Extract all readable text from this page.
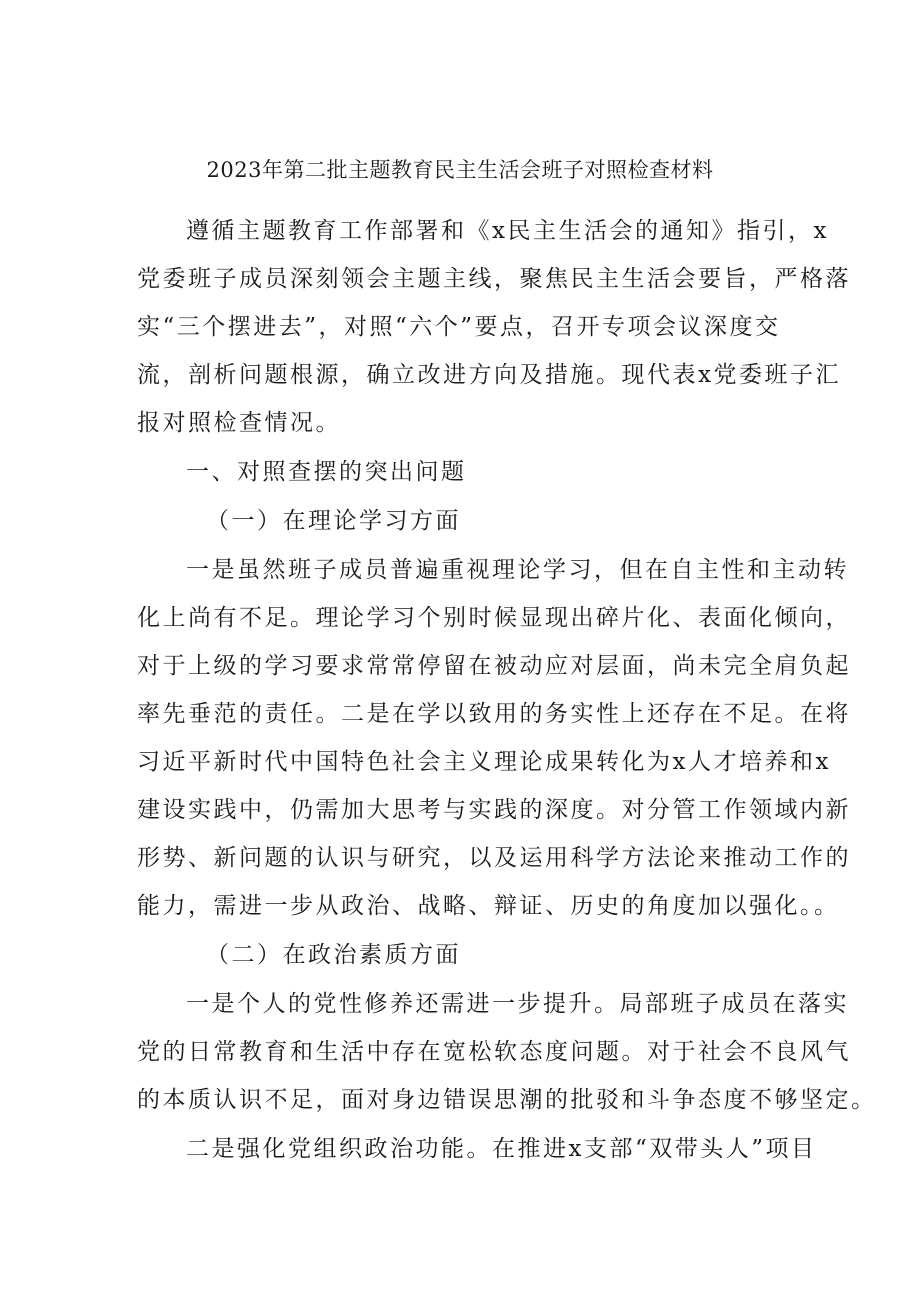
2023年第二批主题教育民主生活会班子对照检查材料
遵循主题教育工作部署和《x民主生活会的通知》指引，x
党委班子成员深刻领会主题主线，聚焦民主生活会要旨，严格落
实“三个摆进去”，对照“六个”要点，召开专项会议深度交
流，剖析问题根源，确立改进方向及措施。现代表x党委班子汇
报对照检查情况。
一、对照查摆的突出问题
（一）在理论学习方面
一是虽然班子成员普遍重视理论学习，但在自主性和主动转
化上尚有不足。理论学习个别时候显现出碎片化、表面化倾向，
对于上级的学习要求常常停留在被动应对层面，尚未完全肩负起
率先垂范的责任。二是在学以致用的务实性上还存在不足。在将
习近平新时代中国特色社会主义理论成果转化为x人才培养和x
建设实践中，仍需加大思考与实践的深度。对分管工作领域内新
形势、新问题的认识与研究，以及运用科学方法论来推动工作的
能力，需进一步从政治、战略、辩证、历史的角度加以强化。。
（二）在政治素质方面
一是个人的党性修养还需进一步提升。局部班子成员在落实
党的日常教育和生活中存在宽松软态度问题。对于社会不良风气
的本质认识不足，面对身边错误思潮的批驳和斗争态度不够坚定。
二是强化党组织政治功能。在推进x支部“双带头人”项目
